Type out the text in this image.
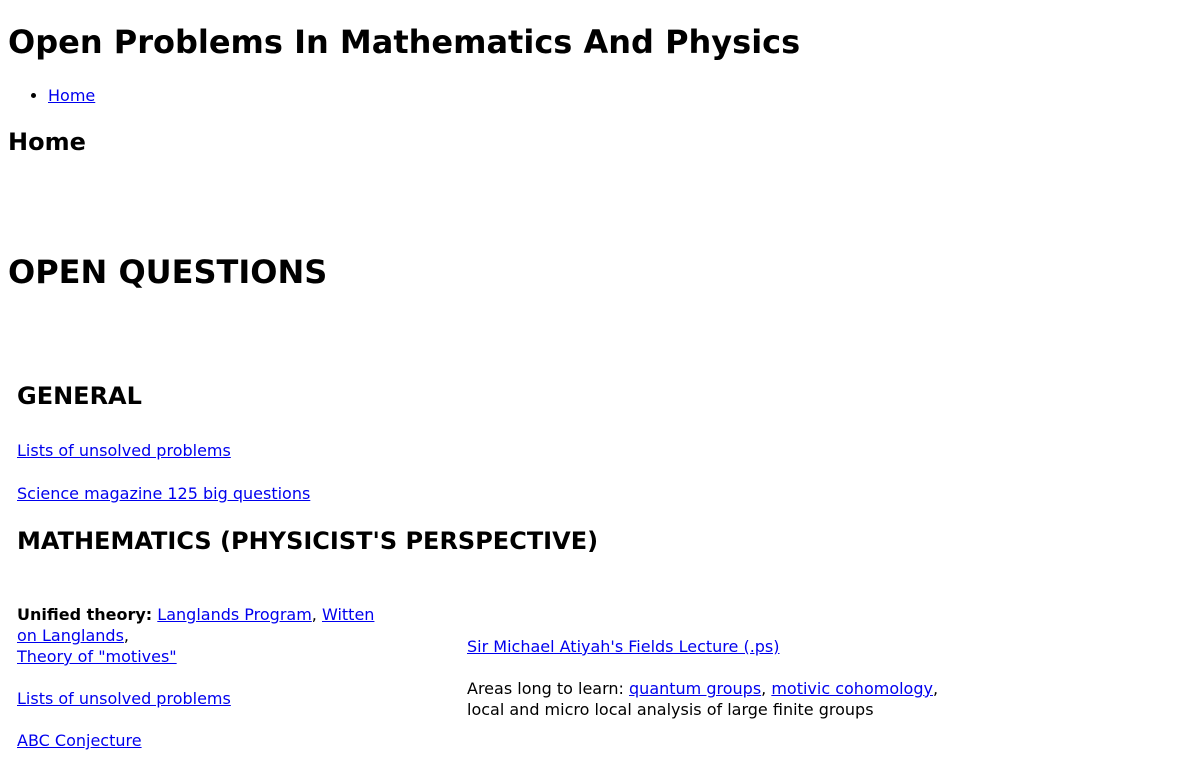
Open Problems In Mathematics And Physics
• Home
Home
OPEN QUESTIONS
GENERAL

Lists of unsolved problems

Science magazine 125 big questions

MATHEMATICS (PHYSICIST'S PERSPECTIVE)

Unified theory: Langlands Program, Witten on Langlands,
Theory of "motives"

Lists of unsolved problems

ABC Conjecture

Sir Michael Atiyah's Fields Lecture (.ps)

Areas long to learn: quantum groups, motivic cohomology, local and micro local analysis of large finite groups
